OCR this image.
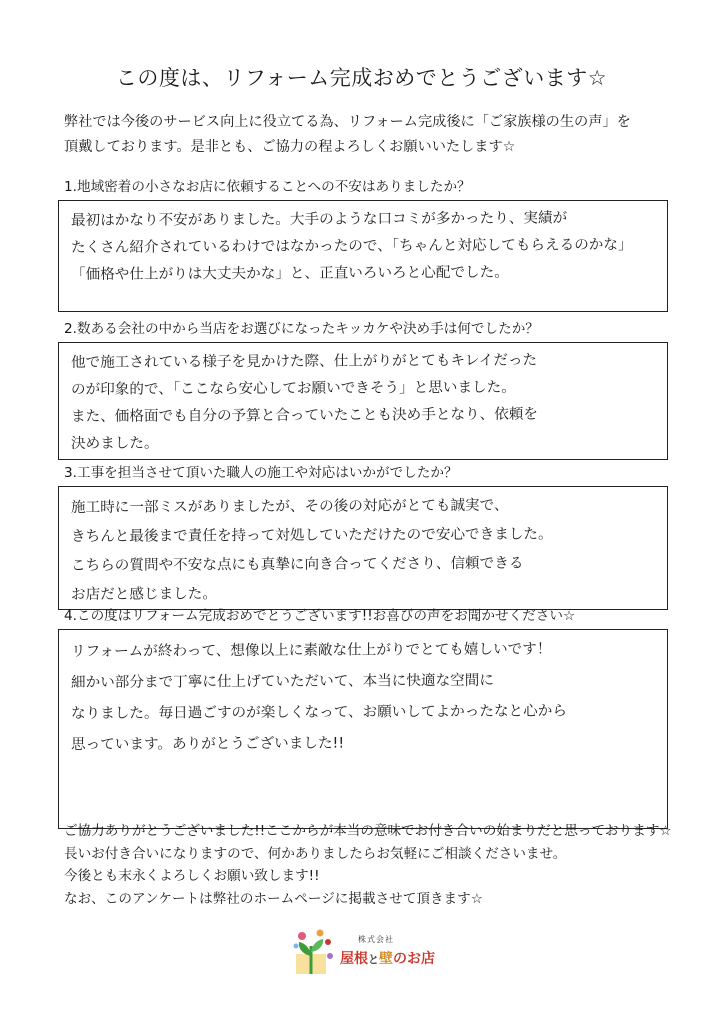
この度は、リフォーム完成おめでとうございます☆

弊社では今後のサービス向上に役立てる為、リフォーム完成後に「ご家族様の生の声」を

頂戴しております。是非とも、ご協力の程よろしくお願いいたします☆

1.地域密着の小さなお店に依頼することへの不安はありましたか？

最初はかなり不安がありました。大手のような口コミが多かったり、実績が

たくさん紹介されているわけではなかったので、「ちゃんと対応してもらえるのかな」

「価格や仕上がりは大丈夫かな」と、正直いろいろと心配でした。

2.数ある会社の中から当店をお選びになったキッカケや決め手は何でしたか？

他で施工されている様子を見かけた際、仕上がりがとてもキレイだった

のが印象的で、「ここなら安心してお願いできそう」と思いました。

また、価格面でも自分の予算と合っていたことも決め手となり、依頼を

決めました。

3.工事を担当させて頂いた職人の施工や対応はいかがでしたか？

施工時に一部ミスがありましたが、その後の対応がとても誠実で、

きちんと最後まで責任を持って対処していただけたので安心できました。

こちらの質問や不安な点にも真摯に向き合ってくださり、信頼できる

お店だと感じました。

4.この度はリフォーム完成おめでとうございます!!お喜びの声をお聞かせください☆

リフォームが終わって、想像以上に素敵な仕上がりでとても嬉しいです！

細かい部分まで丁寧に仕上げていただいて、本当に快適な空間に

なりました。毎日過ごすのが楽しくなって、お願いしてよかったなと心から

思っています。ありがとうございました!!

ご協力ありがとうございました!!ここからが本当の意味でお付き合いの始まりだと思っております☆

長いお付き合いになりますので、何かありましたらお気軽にご相談くださいませ。

今後とも末永くよろしくお願い致します!!

なお、このアンケートは弊社のホームページに掲載させて頂きます☆

株式会社
屋根と壁のお店
